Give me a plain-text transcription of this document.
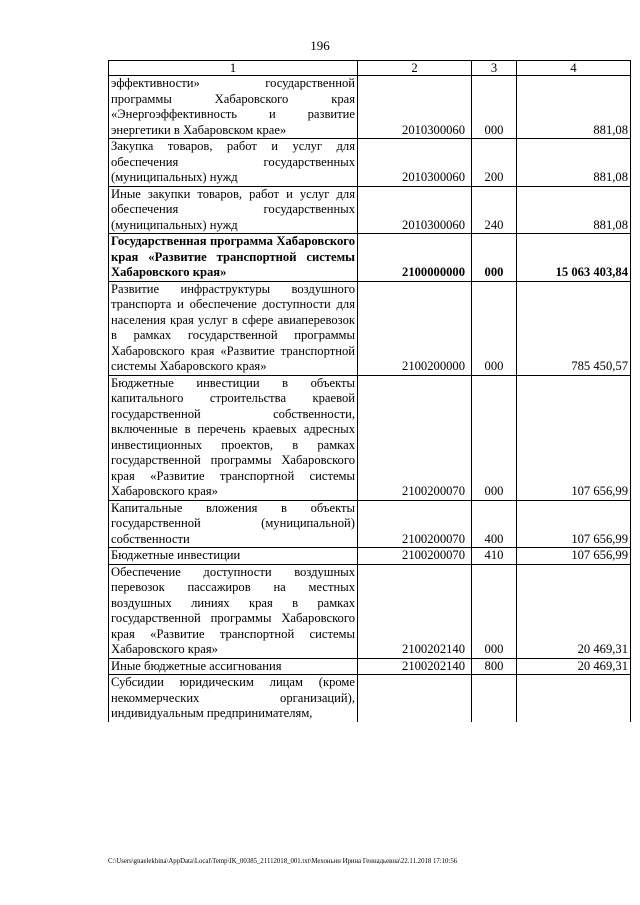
196
1	2	3	4
эффективности» государственной программы Хабаровского края «Энергоэффективность и развитие энергетики в Хабаровском крае»	2010300060	000	881,08
Закупка товаров, работ и услуг для обеспечения государственных (муниципальных) нужд	2010300060	200	881,08
Иные закупки товаров, работ и услуг для обеспечения государственных (муниципальных) нужд	2010300060	240	881,08
Государственная программа Хабаровского края «Развитие транспортной системы Хабаровского края»	2100000000	000	15 063 403,84
Развитие инфраструктуры воздушного транспорта и обеспечение доступности для населения края услуг в сфере авиаперевозок в рамках государственной программы Хабаровского края «Развитие транспортной системы Хабаровского края»	2100200000	000	785 450,57
Бюджетные инвестиции в объекты капитального строительства краевой государственной собственности, включенные в перечень краевых адресных инвестиционных проектов, в рамках государственной программы Хабаровского края «Развитие транспортной системы Хабаровского края»	2100200070	000	107 656,99
Капитальные вложения в объекты государственной (муниципальной) собственности	2100200070	400	107 656,99
Бюджетные инвестиции	2100200070	410	107 656,99
Обеспечение доступности воздушных перевозок пассажиров на местных воздушных линиях края в рамках государственной программы Хабаровского края «Развитие транспортной системы Хабаровского края»	2100202140	000	20 469,31
Иные бюджетные ассигнования	2100202140	800	20 469,31
Субсидии юридическим лицам (кроме некоммерческих организаций), индивидуальным предпринимателям,			
C:\Users\gnaelekhina\AppData\Local\Temp\IK_00385_21112018_001.txt\Мехоньин Ирина Геннадьевна\22.11.2018 17:10:56
